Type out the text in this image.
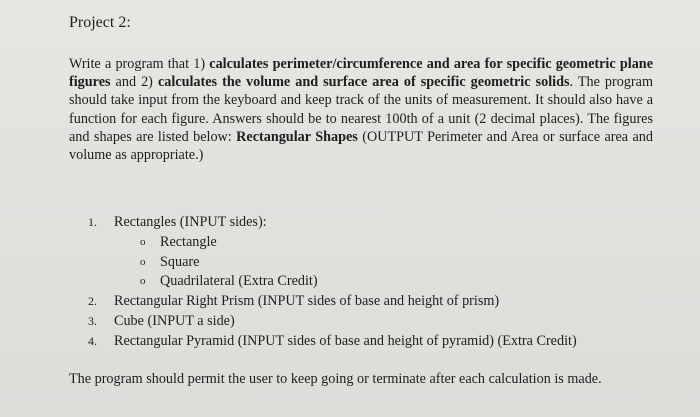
Project 2:
Write a program that 1) calculates perimeter/circumference and area for specific geometric plane figures and 2) calculates the volume and surface area of specific geometric solids. The program should take input from the keyboard and keep track of the units of measurement. It should also have a function for each figure. Answers should be to nearest 100th of a unit (2 decimal places). The figures and shapes are listed below: Rectangular Shapes (OUTPUT Perimeter and Area or surface area and volume as appropriate.)
1.	Rectangles (INPUT sides):
o	Rectangle
o	Square
o	Quadrilateral (Extra Credit)
2.	Rectangular Right Prism (INPUT sides of base and height of prism)
3.	Cube (INPUT a side)
4.	Rectangular Pyramid (INPUT sides of base and height of pyramid) (Extra Credit)
The program should permit the user to keep going or terminate after each calculation is made.
